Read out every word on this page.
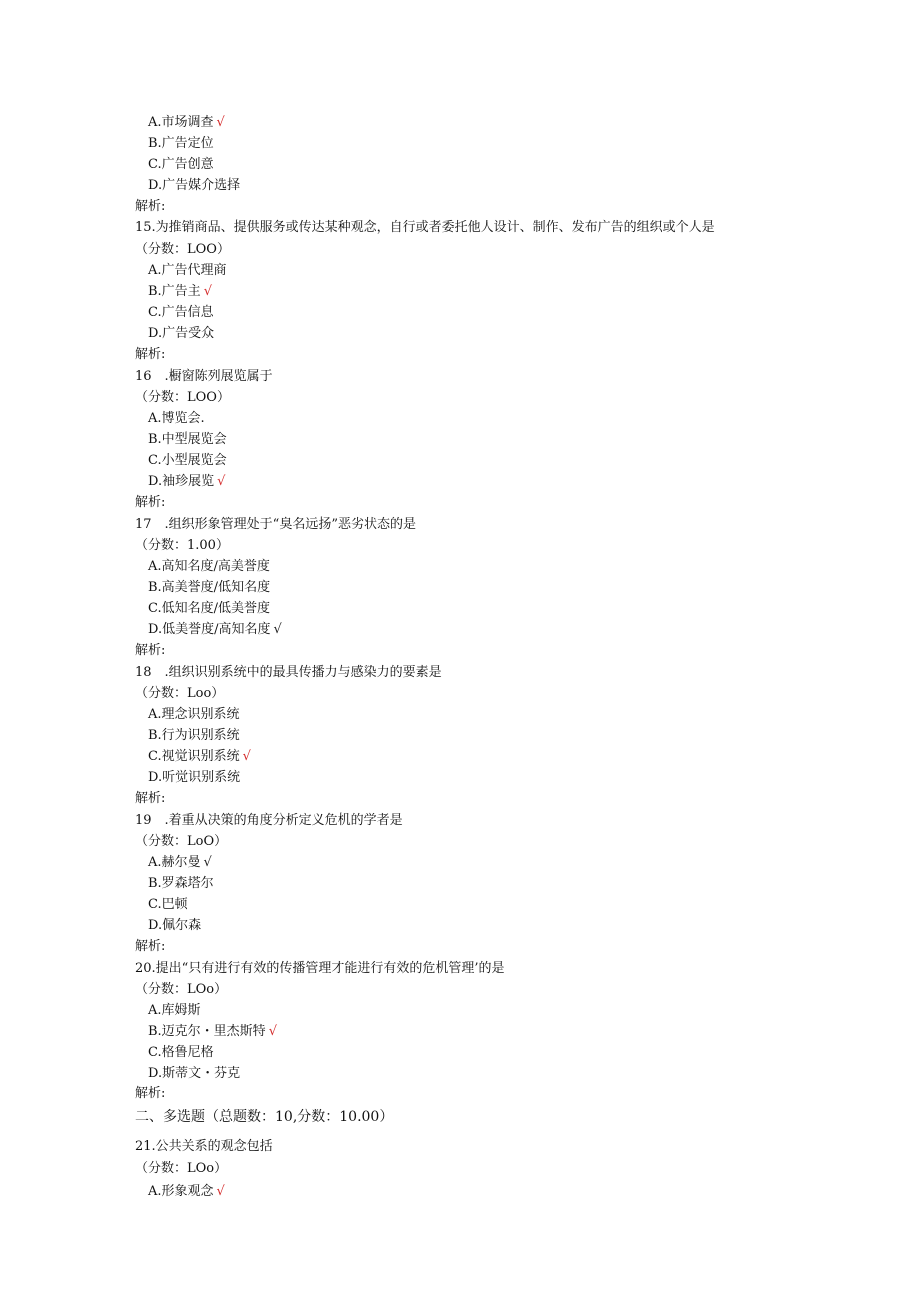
A.市场调查 √
B.广告定位
C.广告创意
D.广告媒介选择
解析:
15.为推销商品、提供服务或传达某种观念，自行或者委托他人设计、制作、发布广告的组织或个人是
（分数：LOO）
A.广告代理商
B.广告主 √
C.广告信息
D.广告受众
解析:
16　.橱窗陈列展览属于
（分数：LOO）
A.博览会.
B.中型展览会
C.小型展览会
D.袖珍展览 √
解析:
17　.组织形象管理处于“臭名远扬”恶劣状态的是
（分数：1.00）
A.高知名度/高美誉度
B.高美誉度/低知名度
C.低知名度/低美誉度
D.低美誉度/高知名度 √
解析:
18　.组织识别系统中的最具传播力与感染力的要素是
（分数：Loo）
A.理念识别系统
B.行为识别系统
C.视觉识别系统 √
D.听觉识别系统
解析:
19　.着重从决策的角度分析定义危机的学者是
（分数：LoO）
A.赫尔曼 √
B.罗森塔尔
C.巴顿
D.佩尔森
解析:
20.提出“只有进行有效的传播管理才能进行有效的危机管理’的是
（分数：LOo）
A.库姆斯
B.迈克尔・里杰斯特 √
C.格鲁尼格
D.斯蒂文・芬克
解析:
二、多选题（总题数：10,分数：10.00）
21.公共关系的观念包括
（分数：LOo）
A.形象观念 √
